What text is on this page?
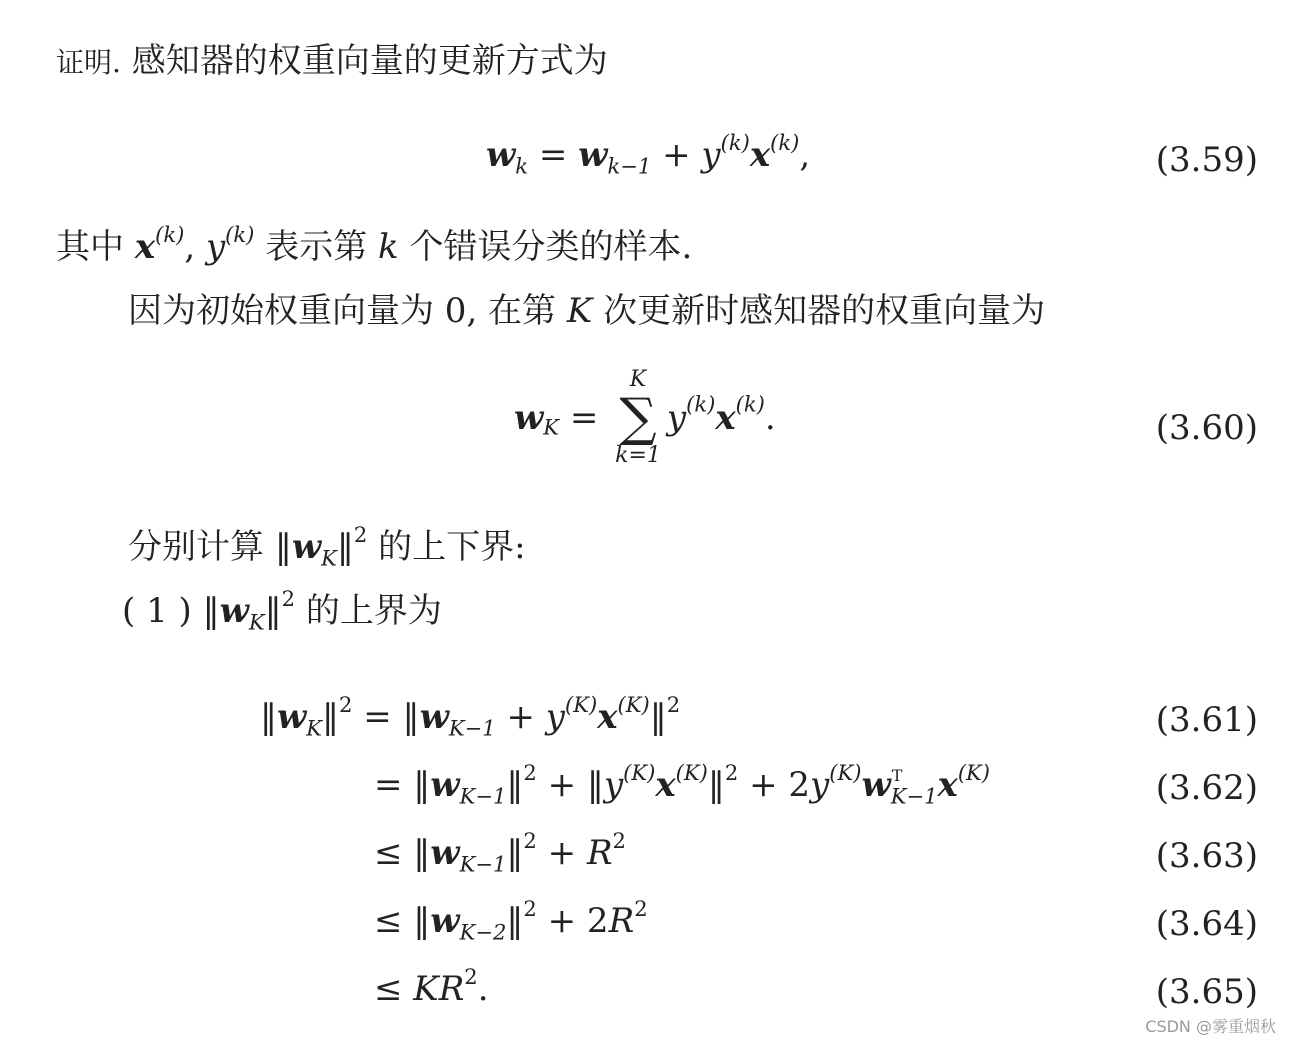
证明. 感知器的权重向量的更新方式为
$w_k = w_{k-1} + y^{(k)}x^{(k)}$,	(3.59)
其中 $x^{(k)}$, $y^{(k)}$ 表示第 k 个错误分类的样本.
因为初始权重向量为 0, 在第 K 次更新时感知器的权重向量为
$w_K$ =
K
∑
k=1
$y^{(k)}x^{(k)}$.	(3.60)
分别计算 $‖w_K‖^2$ 的上下界:
( 1 ) $‖w_K‖^2$ 的上界为
$‖w_K‖^2$ = $‖w_{K-1}$ + $y^{(K)}x^{(K)}‖^2$	(3.61)
= $‖w_{K-1}‖^2$ + $‖y^{(K)}x^{(K)}‖^2 + 2y^{(K)}w$ T
$_{K-1}x^{(K)}$	(3.62)
≤ $‖w_{K-1}‖^2 + R^2$	(3.63)
≤ $‖w_{K-2}‖^2 + 2R^2$	(3.64)
≤ $KR^2$.	(3.65)
CSDN @雾重烟秋
